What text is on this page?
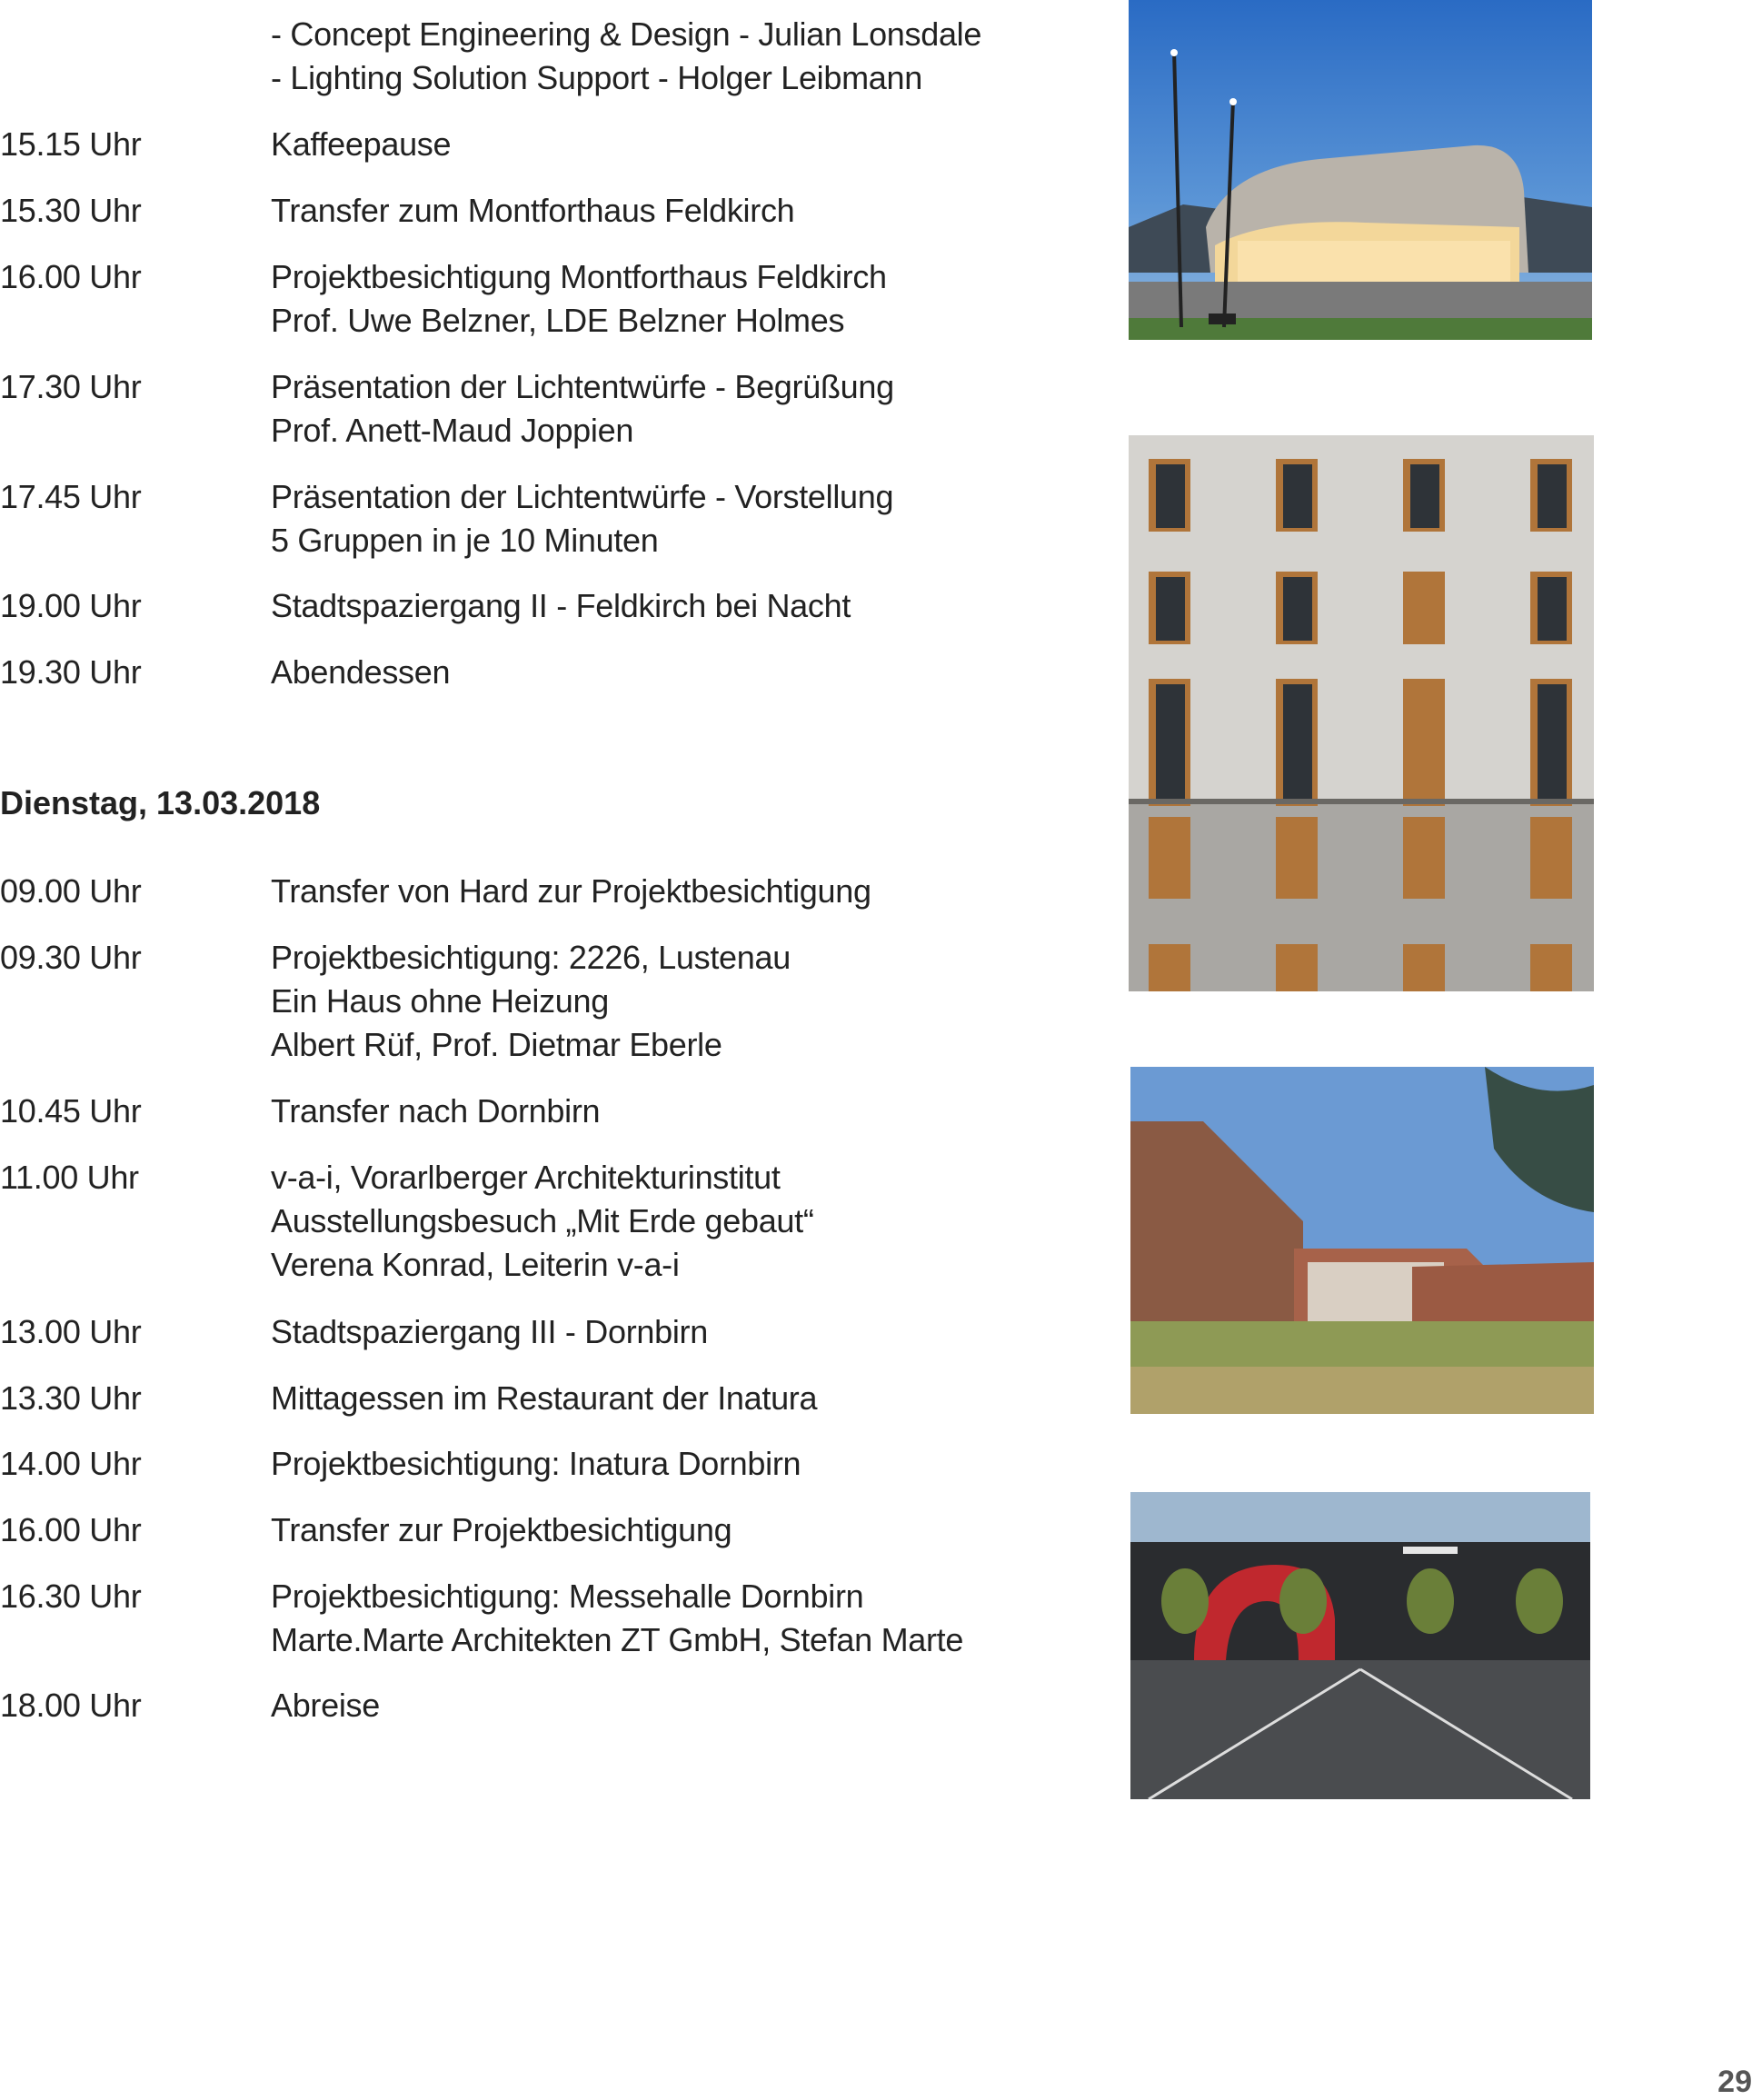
- Concept Engineering & Design - Julian Lonsdale
- Lighting Solution Support - Holger Leibmann
15.15 Uhr	Kaffeepause
15.30 Uhr	Transfer zum Montforthaus Feldkirch
16.00 Uhr	Projektbesichtigung Montforthaus Feldkirch
Prof. Uwe Belzner, LDE Belzner Holmes
17.30 Uhr	Präsentation der Lichtentwürfe - Begrüßung
Prof. Anett-Maud Joppien
17.45 Uhr	Präsentation der Lichtentwürfe - Vorstellung
5 Gruppen in je 10 Minuten
19.00 Uhr	Stadtspaziergang II - Feldkirch bei Nacht
19.30 Uhr	Abendessen
Dienstag, 13.03.2018
09.00 Uhr	Transfer von Hard zur Projektbesichtigung
09.30 Uhr	Projektbesichtigung: 2226, Lustenau
Ein Haus ohne Heizung
Albert Rüf, Prof. Dietmar Eberle
10.45 Uhr	Transfer nach Dornbirn
11.00 Uhr	v-a-i, Vorarlberger Architekturinstitut
Ausstellungsbesuch „Mit Erde gebaut“
Verena Konrad, Leiterin v-a-i
13.00 Uhr	Stadtspaziergang III - Dornbirn
13.30 Uhr	Mittagessen im Restaurant der Inatura
14.00 Uhr	Projektbesichtigung: Inatura Dornbirn
16.00 Uhr	Transfer zur Projektbesichtigung
16.30 Uhr	Projektbesichtigung: Messehalle Dornbirn
Marte.Marte Architekten ZT GmbH, Stefan Marte
18.00 Uhr	Abreise
29
